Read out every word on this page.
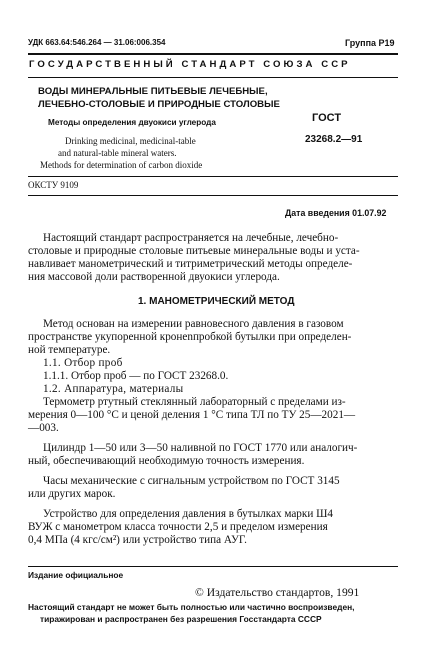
УДК 663.64:546.264 — 31.06:006.354	Группа Р19
ГОСУДАРСТВЕННЫЙ СТАНДАРТ СОЮЗА ССР
ВОДЫ МИНЕРАЛЬНЫЕ ПИТЬЕВЫЕ ЛЕЧЕБНЫЕ,
ЛЕЧЕБНО-СТОЛОВЫЕ И ПРИРОДНЫЕ СТОЛОВЫЕ
Методы определения двуокиси углерода
Drinking medicinal, medicinal-table
and natural-table mineral waters.
Methods for determination of carbon dioxide
ГОСТ
23268.2—91
ОКСТУ 9109
Дата введения 01.07.92
Настоящий стандарт распространяется на лечебные, лечебно-
столовые и природные столовые питьевые минеральные воды и уста-
навливает манометрический и титриметрический методы определе-
ния массовой доли растворенной двуокиси углерода.
1. МАНОМЕТРИЧЕСКИЙ МЕТОД
Метод основан на измерении равновесного давления в газовом
пространстве укупоренной кронenпробкой бутылки при определен-
ной температуре.
1.1. Отбор проб
1.1.1. Отбор проб — по ГОСТ 23268.0.
1.2. Аппаратура, материалы
Термометр ртутный стеклянный лабораторный с пределами из-
мерения 0—100 °С и ценой деления 1 °С типа ТЛ по ТУ 25—2021—
—003.
Цилиндр 1—50 или 3—50 наливной по ГОСТ 1770 или аналогич-
ный, обеспечивающий необходимую точность измерения.
Часы механические с сигнальным устройством по ГОСТ 3145
или других марок.
Устройство для определения давления в бутылках марки Ш4
ВУЖ с манометром класса точности 2,5 и пределом измерения
0,4 МПа (4 кгс/см²) или устройство типа АУГ.
Издание официальное
© Издательство стандартов, 1991
Настоящий стандарт не может быть полностью или частично воспроизведен,
тиражирован и распространен без разрешения Госстандарта СССР
